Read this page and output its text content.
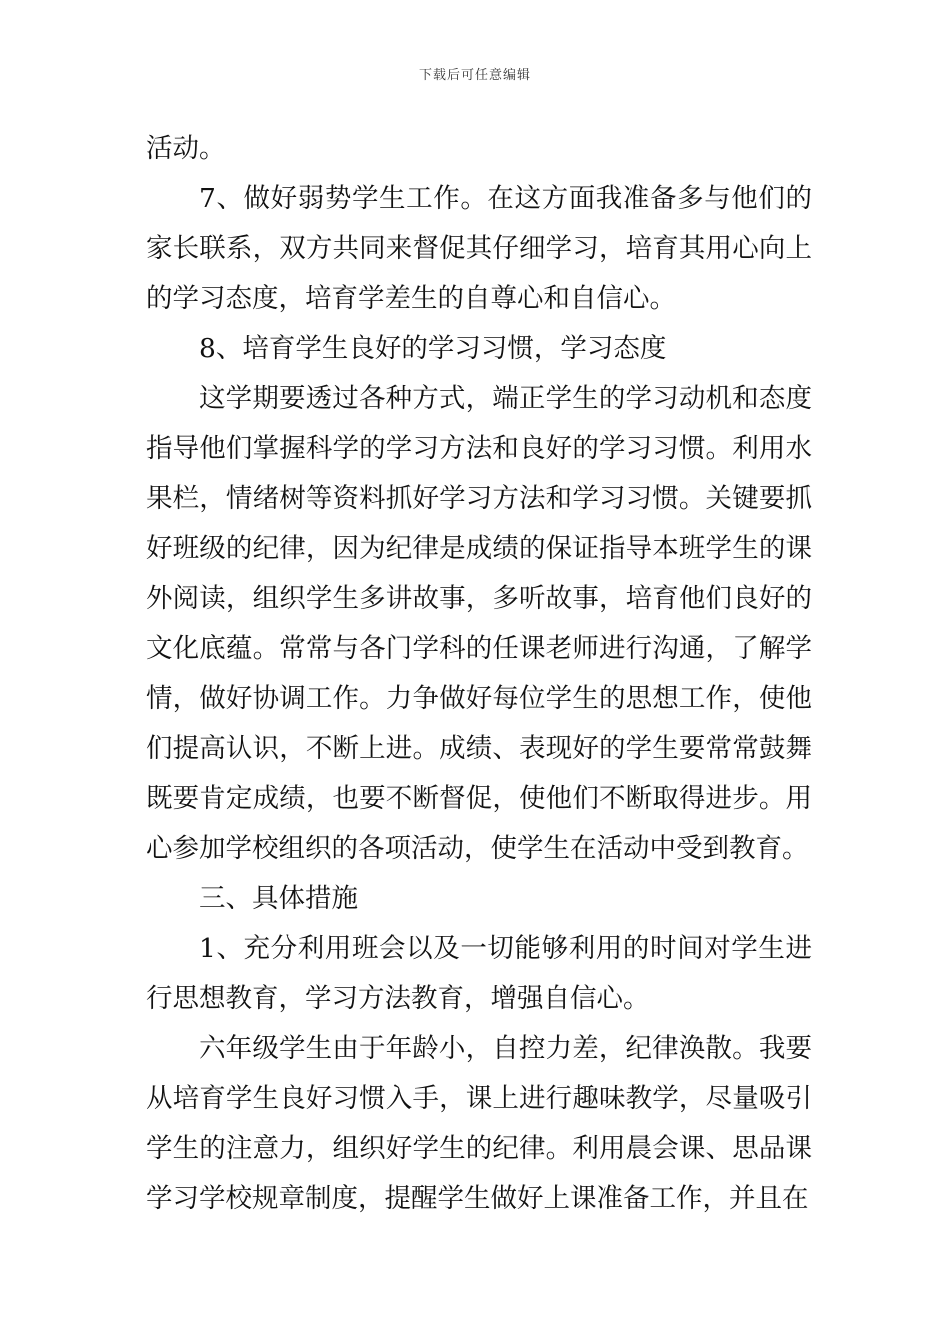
下载后可任意编辑

活动。

7、做好弱势学生工作。在这方面我准备多与他们的家长联系，双方共同来督促其仔细学习，培育其用心向上的学习态度，培育学差生的自尊心和自信心。

8、培育学生良好的学习习惯，学习态度

这学期要透过各种方式，端正学生的学习动机和态度指导他们掌握科学的学习方法和良好的学习习惯。利用水果栏，情绪树等资料抓好学习方法和学习习惯。关键要抓好班级的纪律，因为纪律是成绩的保证指导本班学生的课外阅读，组织学生多讲故事，多听故事，培育他们良好的文化底蕴。常常与各门学科的任课老师进行沟通，了解学情，做好协调工作。力争做好每位学生的思想工作，使他们提高认识，不断上进。成绩、表现好的学生要常常鼓舞既要肯定成绩，也要不断督促，使他们不断取得进步。用心参加学校组织的各项活动，使学生在活动中受到教育。

三、具体措施

1、充分利用班会以及一切能够利用的时间对学生进行思想教育，学习方法教育，增强自信心。

六年级学生由于年龄小，自控力差，纪律涣散。我要从培育学生良好习惯入手，课上进行趣味教学，尽量吸引学生的注意力，组织好学生的纪律。利用晨会课、思品课学习学校规章制度，提醒学生做好上课准备工作，并且在
